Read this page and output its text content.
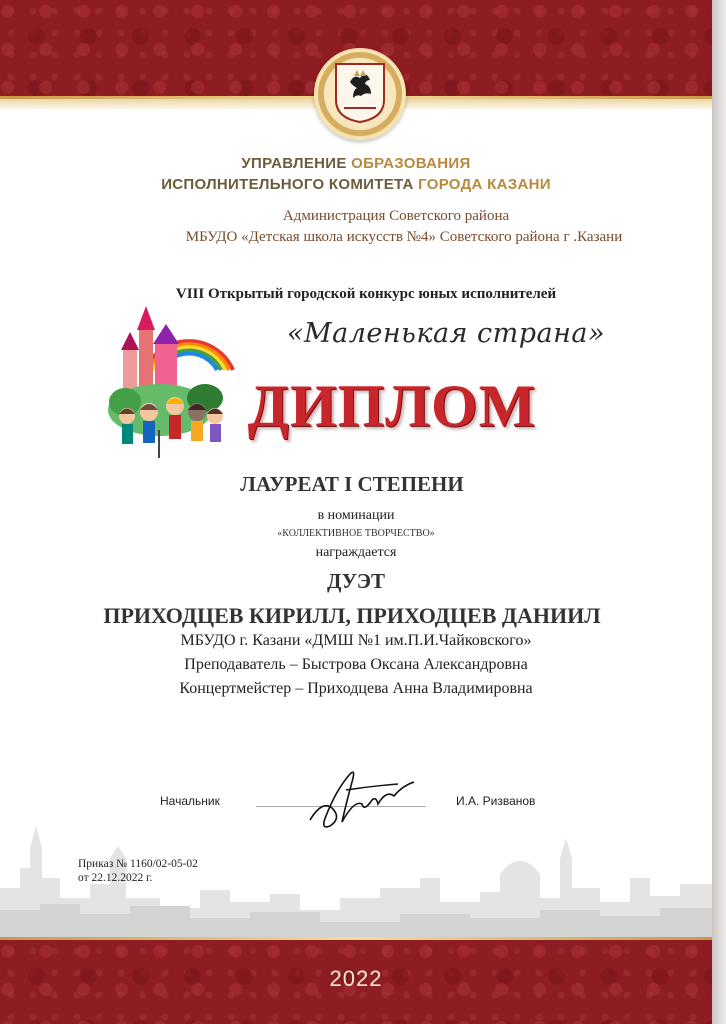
УПРАВЛЕНИЕ ОБРАЗОВАНИЯ
ИСПОЛНИТЕЛЬНОГО КОМИТЕТА ГОРОДА КАЗАНИ
Администрация Советского района
МБУДО «Детская школа искусств №4» Советского района г .Казани
VIII Открытый городской конкурс юных исполнителей
«Маленькая страна»
ДИПЛОМ
ЛАУРЕАТ I СТЕПЕНИ
в номинации
«КОЛЛЕКТИВНОЕ ТВОРЧЕСТВО»
награждается
ДУЭТ
ПРИХОДЦЕВ КИРИЛЛ, ПРИХОДЦЕВ ДАНИИЛ
МБУДО г. Казани «ДМШ №1 им.П.И.Чайковского»
Преподаватель – Быстрова Оксана Александровна
Концертмейстер – Приходцева Анна Владимировна
Начальник	И.А. Ризванов
Приказ № 1160/02-05-02
от 22.12.2022 г.
2022
